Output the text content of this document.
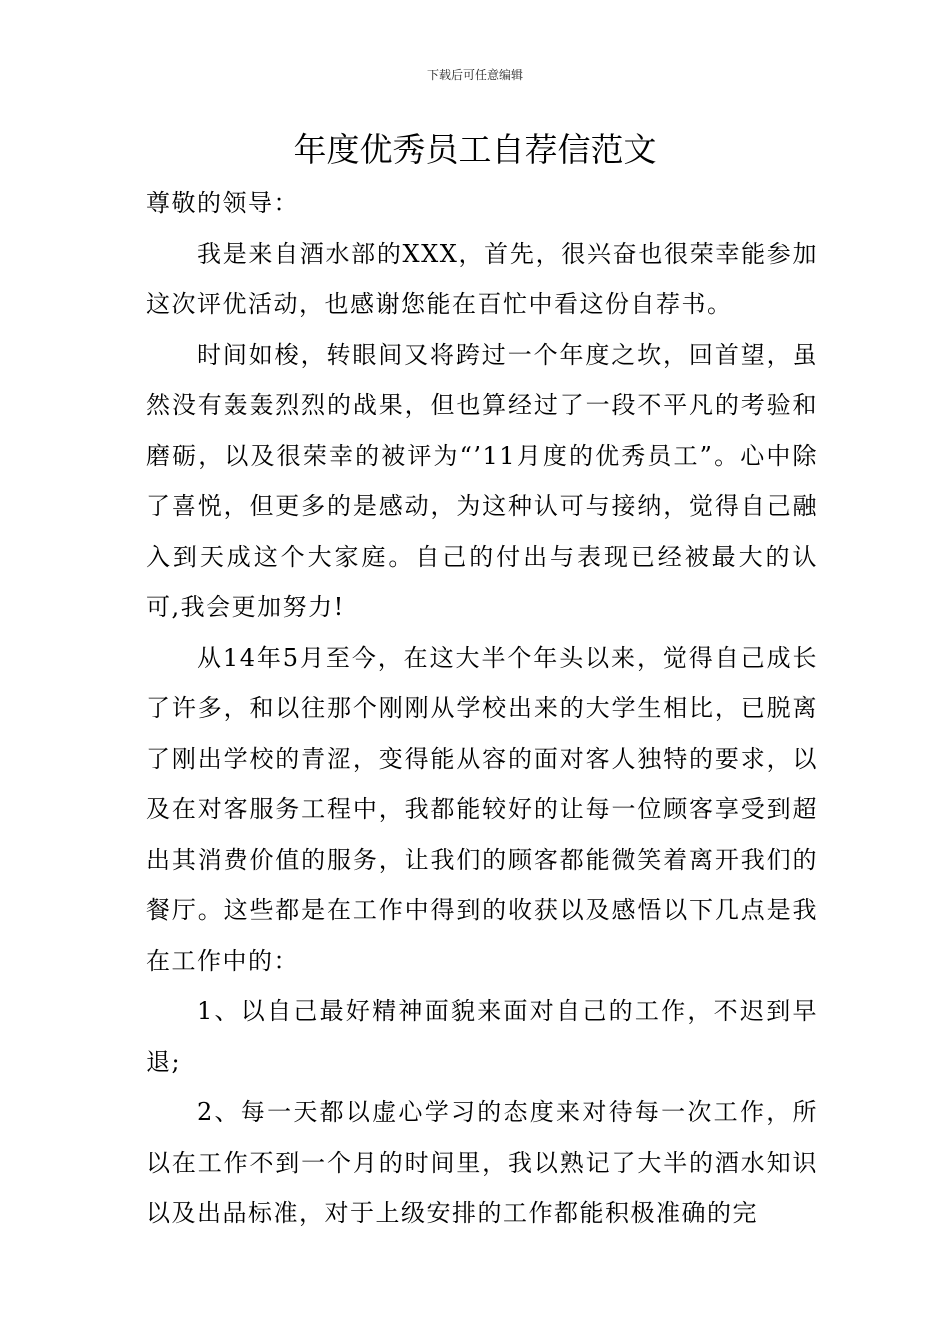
下载后可任意编辑
年度优秀员工自荐信范文

尊敬的领导：

我是来自酒水部的XXX，首先，很兴奋也很荣幸能参加这次评优活动，也感谢您能在百忙中看这份自荐书。

时间如梭，转眼间又将跨过一个年度之坎，回首望，虽然没有轰轰烈烈的战果，但也算经过了一段不平凡的考验和磨砺，以及很荣幸的被评为“’11月度的优秀员工”。心中除了喜悦，但更多的是感动，为这种认可与接纳，觉得自己融入到天成这个大家庭。自己的付出与表现已经被最大的认可,我会更加努力!

从14年5月至今，在这大半个年头以来，觉得自己成长了许多，和以往那个刚刚从学校出来的大学生相比，已脱离了刚出学校的青涩，变得能从容的面对客人独特的要求，以及在对客服务工程中，我都能较好的让每一位顾客享受到超出其消费价值的服务，让我们的顾客都能微笑着离开我们的餐厅。这些都是在工作中得到的收获以及感悟以下几点是我在工作中的：

1、以自己最好精神面貌来面对自己的工作，不迟到早退;

2、每一天都以虚心学习的态度来对待每一次工作，所以在工作不到一个月的时间里，我以熟记了大半的酒水知识以及出品标准，对于上级安排的工作都能积极准确的完
